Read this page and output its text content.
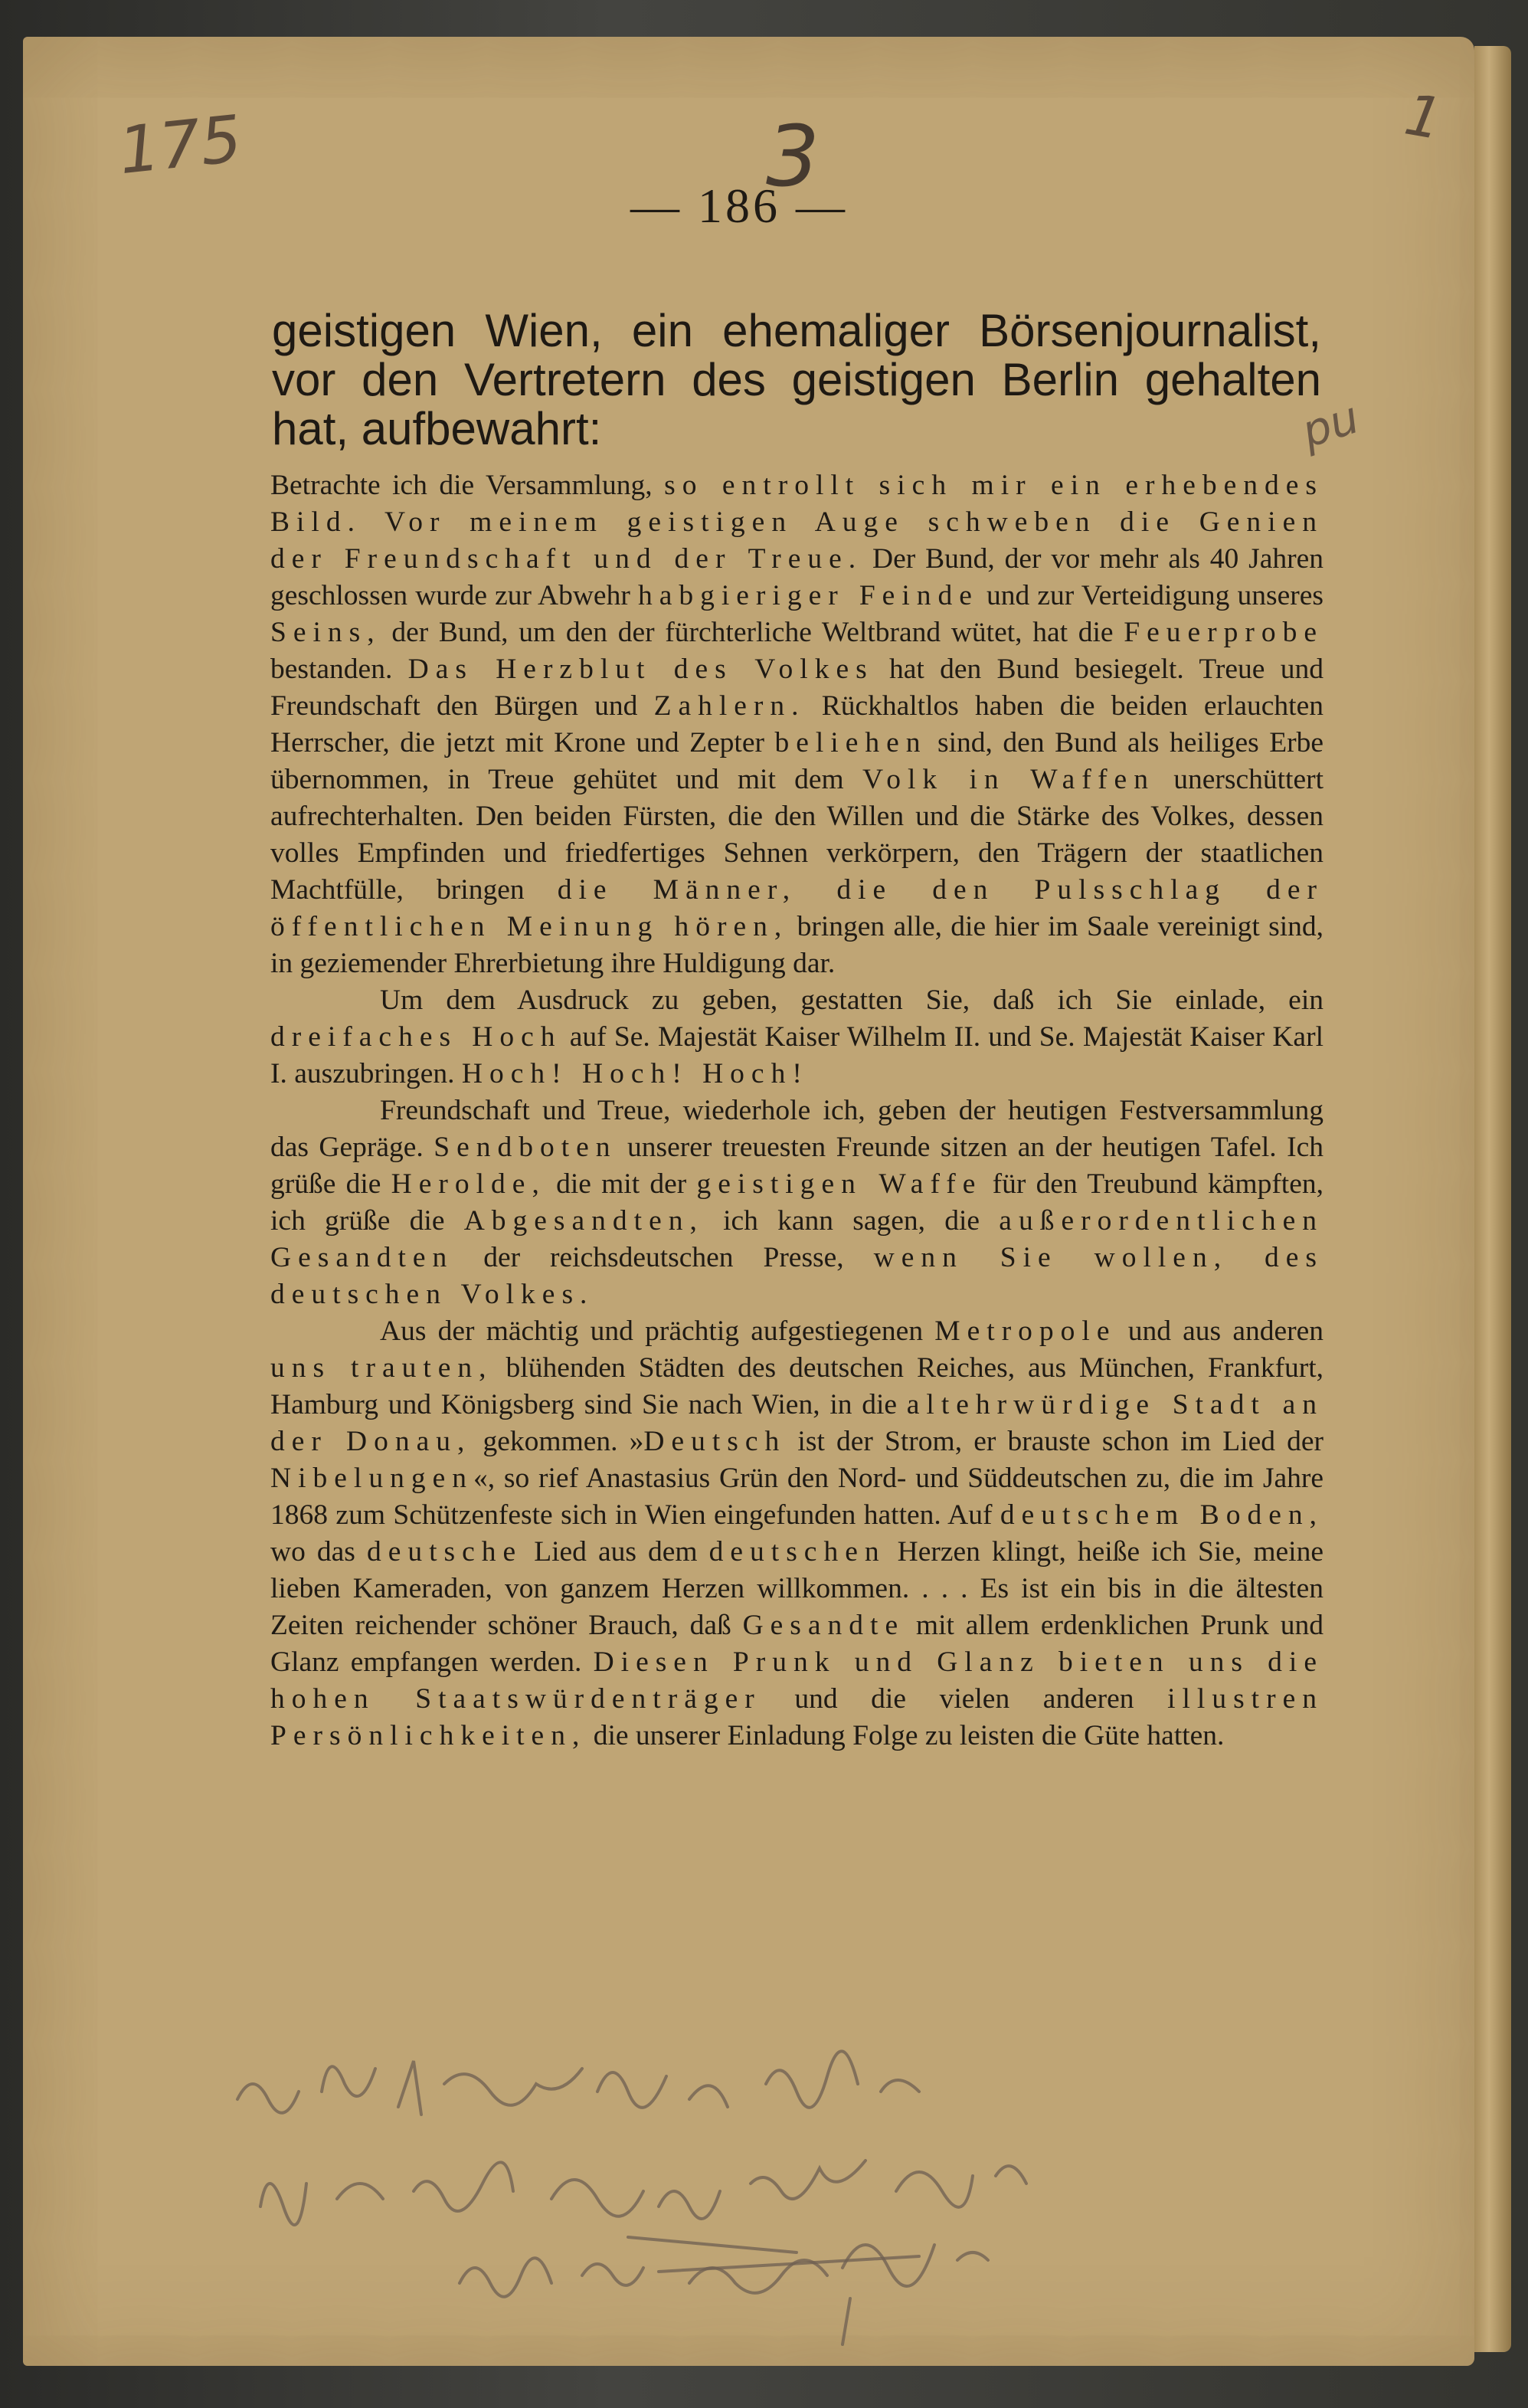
175	1
— 186 —
3
pu

geistigen Wien, ein ehemaliger Börsenjournalist, vor den Vertretern des geistigen Berlin gehalten hat, aufbewahrt:

Betrachte ich die Versammlung, so entrollt sich mir ein erhebendes Bild. Vor meinem geistigen Auge schweben die Genien der Freundschaft und der Treue. Der Bund, der vor mehr als 40 Jahren geschlossen wurde zur Abwehr habgieriger Feinde und zur Verteidigung unseres Seins, der Bund, um den der fürchterliche Weltbrand wütet, hat die Feuerprobe bestanden. Das Herzblut des Volkes hat den Bund besiegelt. Treue und Freundschaft den Bürgen und Zahlern. Rückhaltlos haben die beiden erlauchten Herrscher, die jetzt mit Krone und Zepter beliehen sind, den Bund als heiliges Erbe übernommen, in Treue gehütet und mit dem Volk in Waffen unerschüttert aufrechterhalten. Den beiden Fürsten, die den Willen und die Stärke des Volkes, dessen volles Empfinden und friedfertiges Sehnen verkörpern, den Trägern der staatlichen Machtfülle, bringen die Männer, die den Pulsschlag der öffentlichen Meinung hören, bringen alle, die hier im Saale vereinigt sind, in geziemender Ehrerbietung ihre Huldigung dar.

Um dem Ausdruck zu geben, gestatten Sie, daß ich Sie einlade, ein dreifaches Hoch auf Se. Majestät Kaiser Wilhelm II. und Se. Majestät Kaiser Karl I. auszubringen. Hoch! Hoch! Hoch!

Freundschaft und Treue, wiederhole ich, geben der heutigen Festversammlung das Gepräge. Sendboten unserer treuesten Freunde sitzen an der heutigen Tafel. Ich grüße die Herolde, die mit der geistigen Waffe für den Treubund kämpften, ich grüße die Abgesandten, ich kann sagen, die außerordentlichen Gesandten der reichsdeutschen Presse, wenn Sie wollen, des deutschen Volkes.

Aus der mächtig und prächtig aufgestiegenen Metropole und aus anderen uns trauten, blühenden Städten des deutschen Reiches, aus München, Frankfurt, Hamburg und Königsberg sind Sie nach Wien, in die altehrwürdige Stadt an der Donau, gekommen. »Deutsch ist der Strom, er brauste schon im Lied der Nibelungen«, so rief Anastasius Grün den Nord- und Süddeutschen zu, die im Jahre 1868 zum Schützenfeste sich in Wien eingefunden hatten. Auf deutschem Boden, wo das deutsche Lied aus dem deutschen Herzen klingt, heiße ich Sie, meine lieben Kameraden, von ganzem Herzen willkommen. . . . Es ist ein bis in die ältesten Zeiten reichender schöner Brauch, daß Gesandte mit allem erdenklichen Prunk und Glanz empfangen werden. Diesen Prunk und Glanz bieten uns die hohen Staatswürdenträger und die vielen anderen illustren Persönlichkeiten, die unserer Einladung Folge zu leisten die Güte hatten.
